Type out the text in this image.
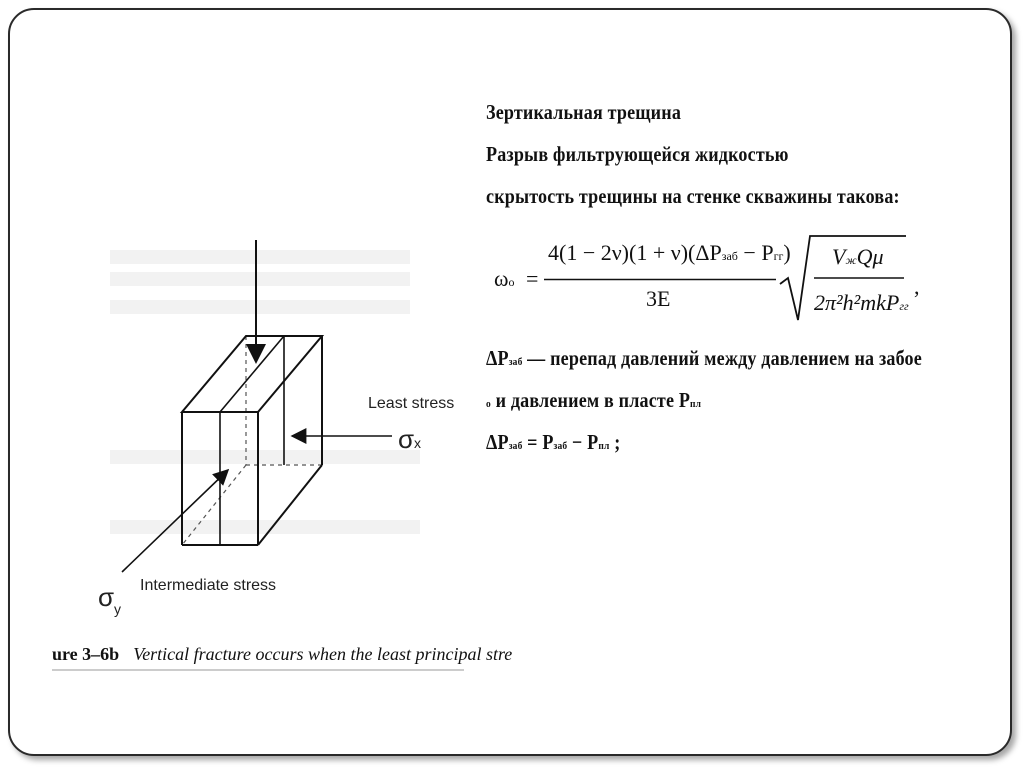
Least stress
σx
Intermediate stress
$\sigma_y$
ure 3–6b Vertical fracture occurs when the least principal stre
Зертикальная трещина
Разрыв фильтрующейся жидкостью
скрытость трещины на стенке скважины такова:
ωо =
4(1 − 2ν)(1 + ν)(ΔPзаб − Pгг)
3E
VжQμ
2π²h²mkPгг
,
ΔPзаб — перепад давлений между давлением на забое
о и давлением в пласте Pпл
ΔPзаб = Pзаб − Pпл ;
